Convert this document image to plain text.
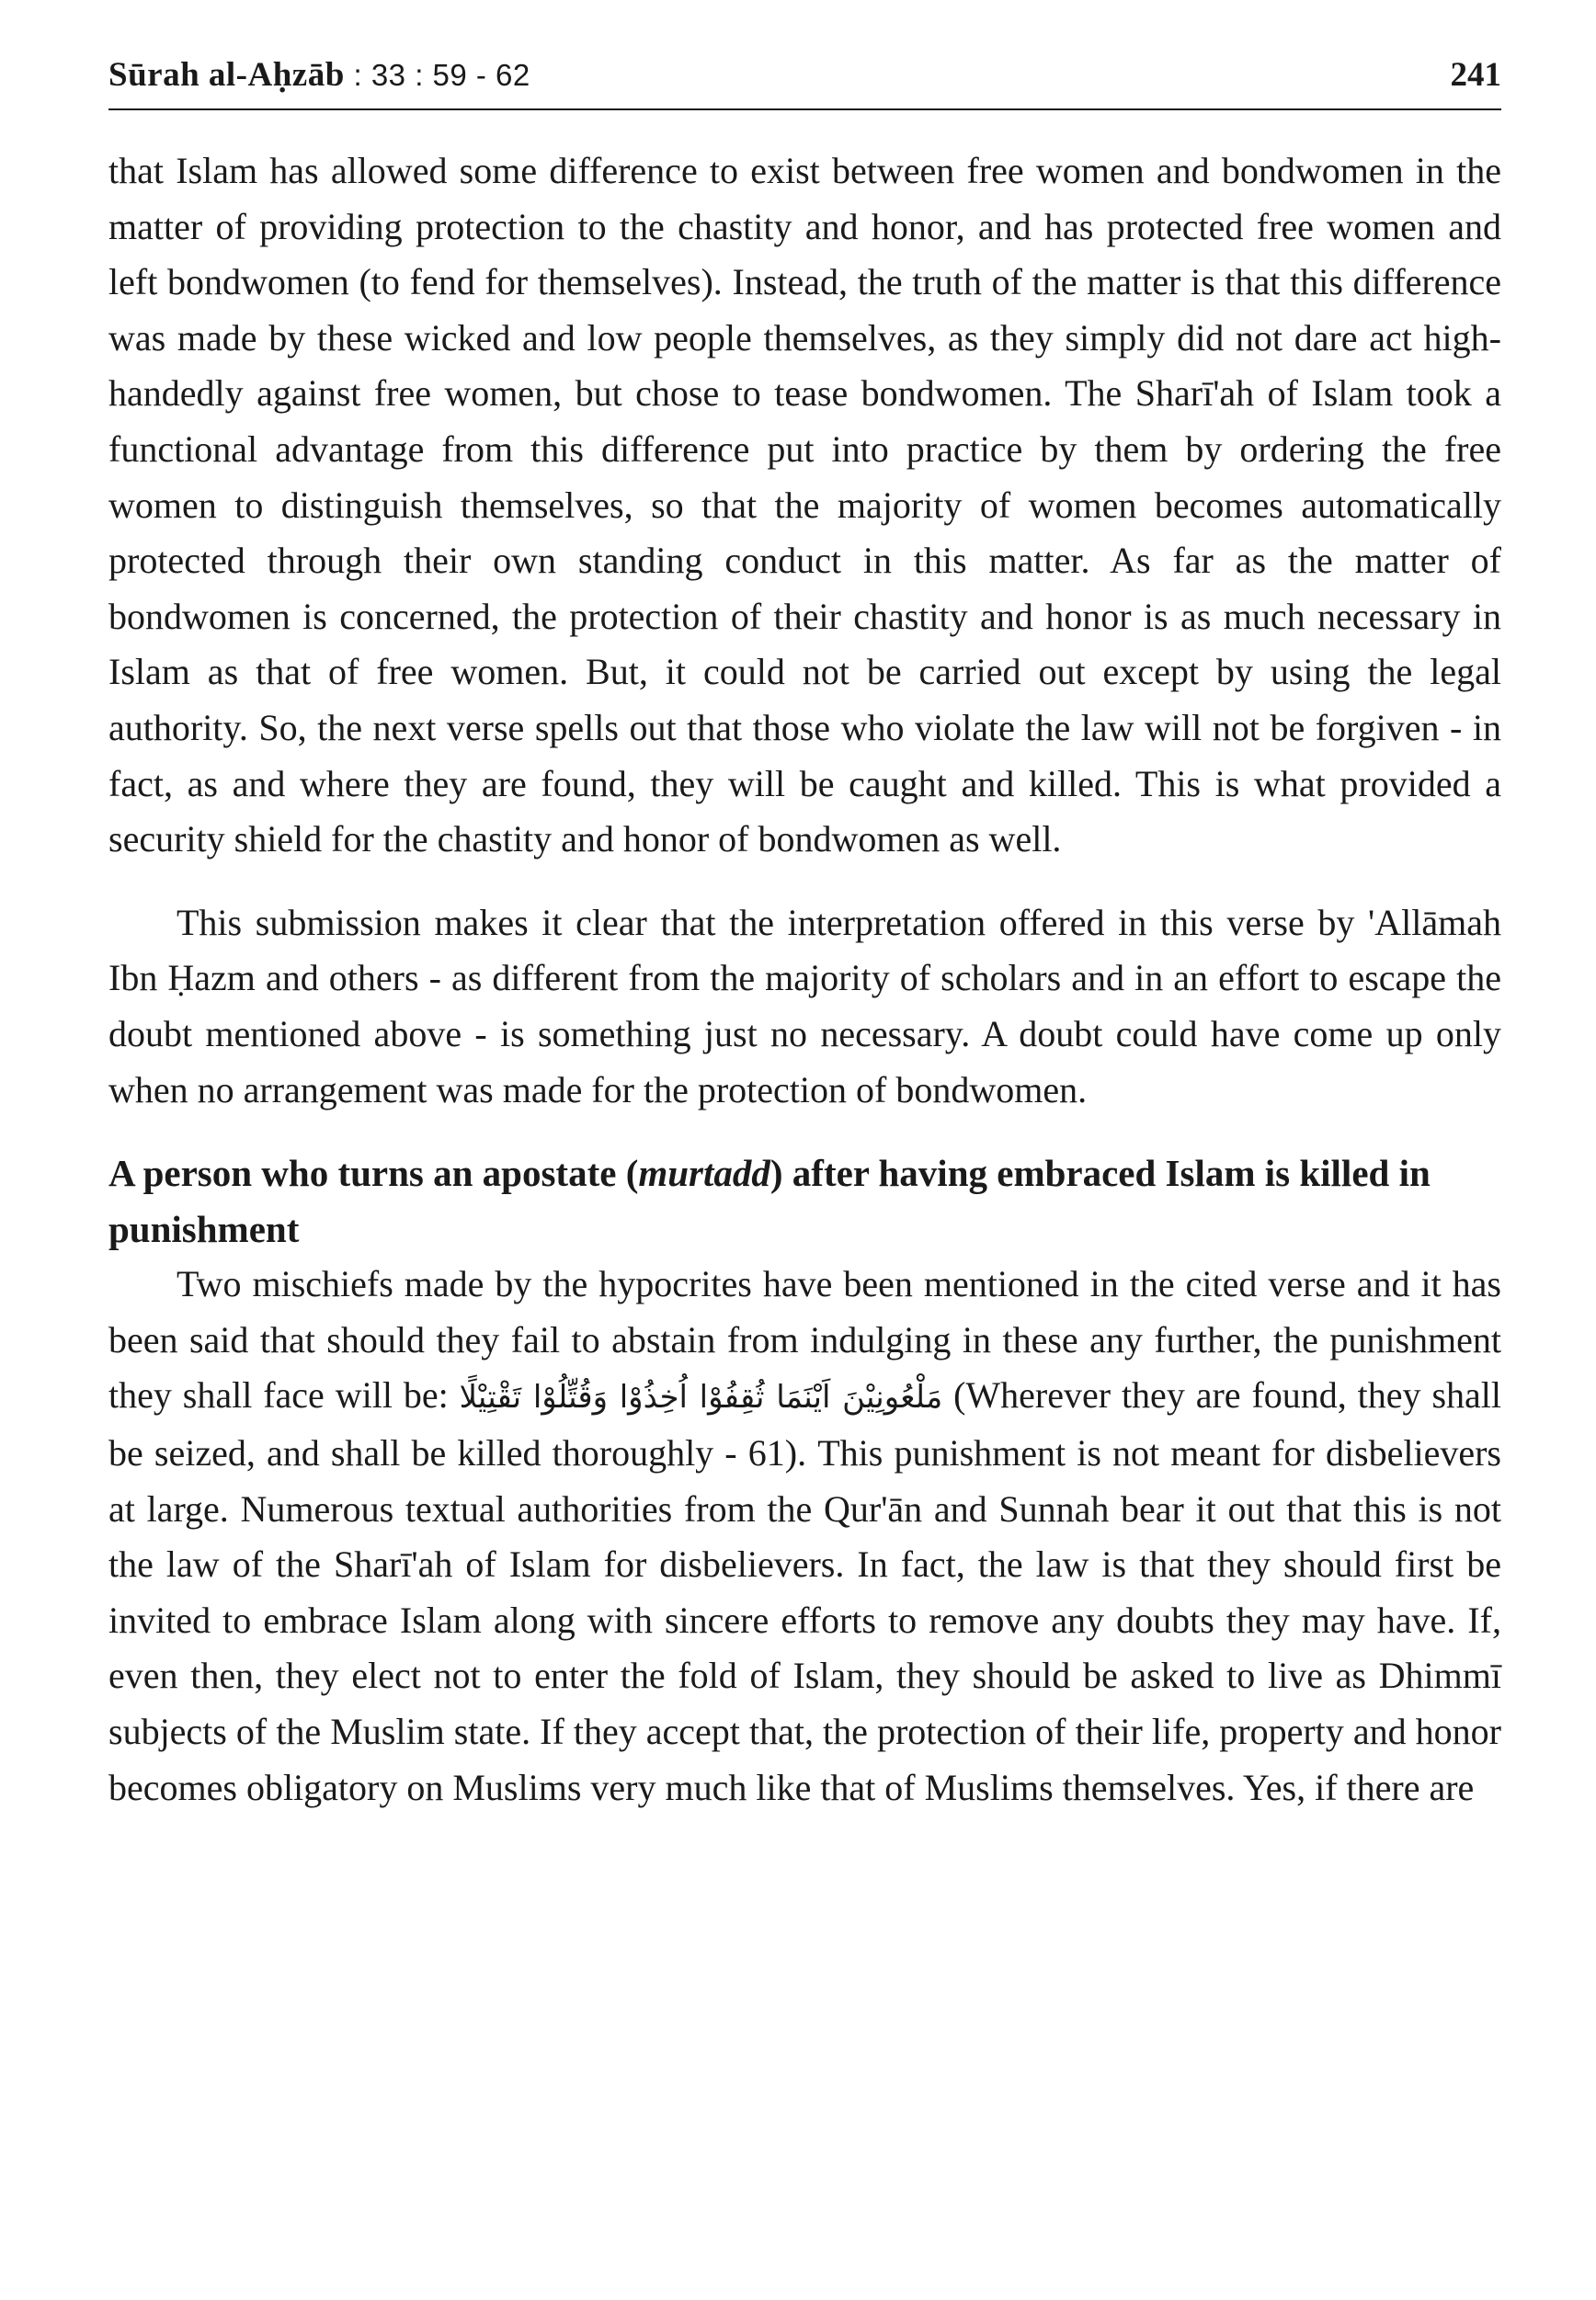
Sūrah al-Aḥzāb : 33 : 59 - 62	241

that Islam has allowed some difference to exist between free women and bondwomen in the matter of providing protection to the chastity and honor, and has protected free women and left bondwomen (to fend for themselves). Instead, the truth of the matter is that this difference was made by these wicked and low people themselves, as they simply did not dare act high-handedly against free women, but chose to tease bondwomen. The Sharī'ah of Islam took a functional advantage from this difference put into practice by them by ordering the free women to distinguish themselves, so that the majority of women becomes automatically protected through their own standing conduct in this matter. As far as the matter of bondwomen is concerned, the protection of their chastity and honor is as much necessary in Islam as that of free women. But, it could not be carried out except by using the legal authority. So, the next verse spells out that those who violate the law will not be forgiven - in fact, as and where they are found, they will be caught and killed. This is what provided a security shield for the chastity and honor of bondwomen as well.

This submission makes it clear that the interpretation offered in this verse by 'Allāmah Ibn Ḥazm and others - as different from the majority of scholars and in an effort to escape the doubt mentioned above - is something just no necessary. A doubt could have come up only when no arrangement was made for the protection of bondwomen.

A person who turns an apostate (murtadd) after having embraced Islam is killed in punishment

Two mischiefs made by the hypocrites have been mentioned in the cited verse and it has been said that should they fail to abstain from indulging in these any further, the punishment they shall face will be: مَلْعُونِيْنَ اَيْنَمَا ثُقِفُوْا اُخِذُوْا وَقُتِّلُوْا تَقْتِيْلًا (Wherever they are found, they shall be seized, and shall be killed thoroughly - 61). This punishment is not meant for disbelievers at large. Numerous textual authorities from the Qur'ān and Sunnah bear it out that this is not the law of the Sharī'ah of Islam for disbelievers. In fact, the law is that they should first be invited to embrace Islam along with sincere efforts to remove any doubts they may have. If, even then, they elect not to enter the fold of Islam, they should be asked to live as Dhimmī subjects of the Muslim state. If they accept that, the protection of their life, property and honor becomes obligatory on Muslims very much like that of Muslims themselves. Yes, if there are
